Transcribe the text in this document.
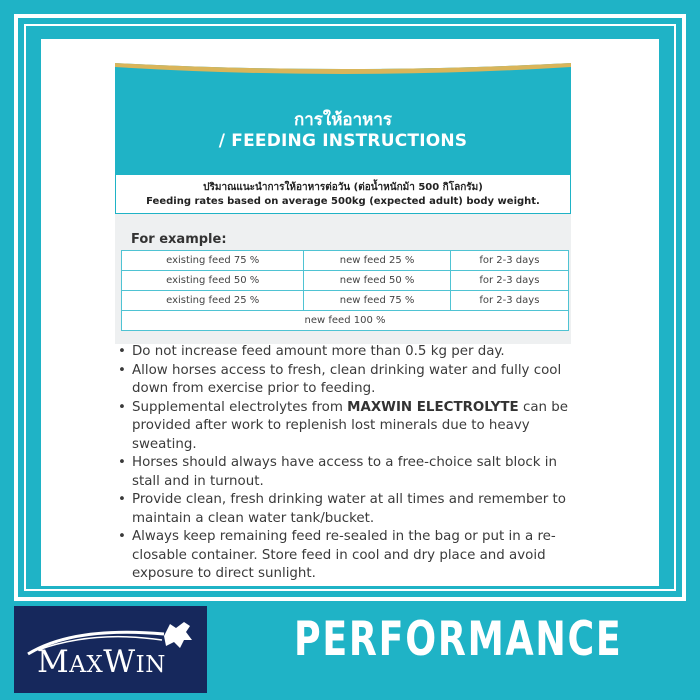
การให้อาหาร
/ FEEDING INSTRUCTIONS
ปริมาณแนะนำการให้อาหารต่อวัน (ต่อน้ำหนักม้า 500 กิโลกรัม)
Feeding rates based on average 500kg (expected adult) body weight.
For example:
existing feed 75 %	new feed 25 %	for 2-3 days
existing feed 50 %	new feed 50 %	for 2-3 days
existing feed 25 %	new feed 75 %	for 2-3 days
new feed 100 %		
• Do not increase feed amount more than 0.5 kg per day.
• Allow horses access to fresh, clean drinking water and fully cool down from exercise prior to feeding.
• Supplemental electrolytes from MAXWIN ELECTROLYTE can be provided after work to replenish lost minerals due to heavy sweating.
• Horses should always have access to a free-choice salt block in stall and in turnout.
• Provide clean, fresh drinking water at all times and remember to maintain a clean water tank/bucket.
• Always keep remaining feed re-sealed in the bag or put in a re-closable container. Store feed in cool and dry place and avoid exposure to direct sunlight.
MAXWIN	PERFORMANCE
